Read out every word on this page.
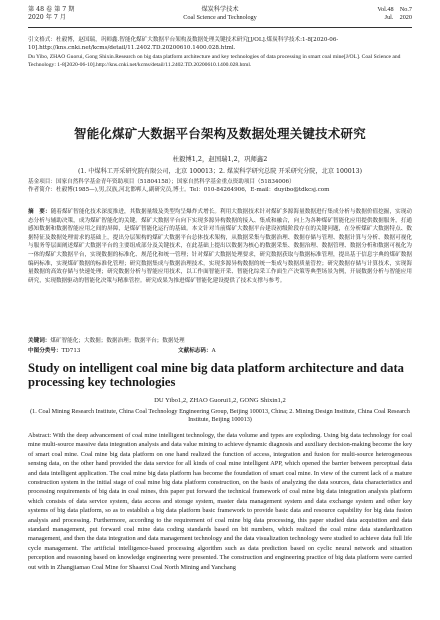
第 48 卷 第 7 期
2020 年 7 月
煤炭科学技术
Coal Science and Technology
Vol.48　No.7
Jul.　2020
引文格式：杜毅博，赵国瑞，巩师鑫.智能化煤矿大数据平台架构及数据处理关键技术研究[J/OL].煤炭科学技术:1-8[2020-06-10].http://kns.cnki.net/kcms/detail/11.2402.TD.20200610.1400.028.html.
Du Yibo, ZHAO Guorui, Gong Shixin.Research on big data platform architecture and key technologies of data processing in smart coal mine[J/OL]. Coal Science and Technology: 1-8[2020-06-10].http://kns.cnki.net/kcms/detail/11.2402.TD.20200610.1400.028.html.
智能化煤矿大数据平台架构及数据处理关键技术研究
杜毅博1,2，赵国瑞1,2，巩师鑫2
(1. 中煤科工开采研究院有限公司，北京 100013；2. 煤炭科学研究总院 开采研究分院，北京 100013)
基金项目：国家自然科学基金青年资助项目（51804158）；国家自然科学基金重点资助项目（51834006）
作者简介：杜毅博(1985—),男,汉族,河北邯郸人,副研究员,博士。Tel：010-84264906，E-mail：duyibo@tdkcsj.com
摘　要：随着煤矿智能化技术深度推进，其数据量级及类型均呈爆炸式增长。利用大数据技术针对煤矿多源海量数据进行集成分析与数据价值挖掘，实现动态分析与辅助决策，成为煤矿智能化的关键。煤矿大数据平台向下实现多源异构数据的接入、集成和融合，向上为各种煤矿智能化应用提供数据服务，打通感知数据和数据智能应用之间的屏障，是煤矿智能化运行的基础。本文针对当前煤矿大数据平台建设初级阶段存在的关键问题，在分析煤矿大数据特点、数据特征及数据处理需求的基础上，提出分层架构的煤矿大数据平台总体技术架构，从数据采集与数据治理、数据存储与管理、数据计算与分析、数据可视化与服务等层面阐述煤矿大数据平台的主要组成部分及关键技术，在此基础上提出以数据为核心的数据采集、数据治理、数据管理、数据分析和数据可视化为一体的煤矿大数据平台，实现数据的标准化、规范化和统一管理；针对煤矿大数据处理要求，研究数据获取与数据标准管理，提出基于信息字典的煤矿数据编码标准，实现煤矿数据的标准化管理；研究数据集成与数据治理技术，实现多源异构数据的统一集成与数据质量管控；研究数据存储与计算技术，实现海量数据的高效存储与快速处理；研究数据分析与智能应用技术，以工作面智能开采、智能化综采工作面生产决策等典型场景为例，开展数据分析与智能应用研究，实现数据驱动的智能化决策与精准管控。研究成果为推进煤矿智能化建设提供了技术支撑与参考。
关键词：煤矿智能化；大数据；数据治理；数据平台；数据处理
中图分类号：TD713	文献标志码：A
Study on intelligent coal mine big data platform architecture and data processing key technologies
DU Yibo1,2, ZHAO Guorui1,2, GONG Shixin1,2
(1. Coal Mining Research Institute, China Coal Technology Engineering Group, Beijing 100013, China; 2. Mining Design Institute, China Coal Research Institute, Beijing 100013)
Abstract: With the deep advancement of coal mine intelligent technology, the data volume and types are exploding. Using big data technology for coal mine multi-source massive data integration analysis and data value mining to achieve dynamic diagnosis and auxiliary decision-making become the key of smart coal mine. Coal mine big data platform on one hand realized the function of access, integration and fusion for multi-source heterogeneous sensing data, on the other hand provided the data service for all kinds of coal mine intelligent APP, which opened the barrier between perceptual data and data intelligent application. The coal mine big data platform has become the foundation of smart coal mine. In view of the current lack of a mature construction system in the initial stage of coal mine big data platform construction, on the basis of analyzing the data sources, data characteristics and processing requirements of big data in coal mines, this paper put forward the technical framework of coal mine big data integration analysis platform which consists of data service system, data access and storage system, master data management system and data exchange system and other key systems of big data platform, so as to establish a big data platform basic framework to provide basic data and resource capability for big data fusion analysis and processing. Furthermore, according to the requirement of coal mine big data processing, this paper studied data acquisition and data standard management, put forward coal mine data coding standards based on bit numbers, which realized the coal mine data standardization management, and then the data integration and data management technology and the data visualization technology were studied to achieve data full life cycle management. The artificial intelligence-based processing algorithm such as data prediction based on cyclic neural network and situation perception and reasoning based on knowledge engineering were presented. The construction and engineering practice of big data platform were carried out with in Zhangjiamao Coal Mine for Shaanxi Coal North Mining and Yanchang
